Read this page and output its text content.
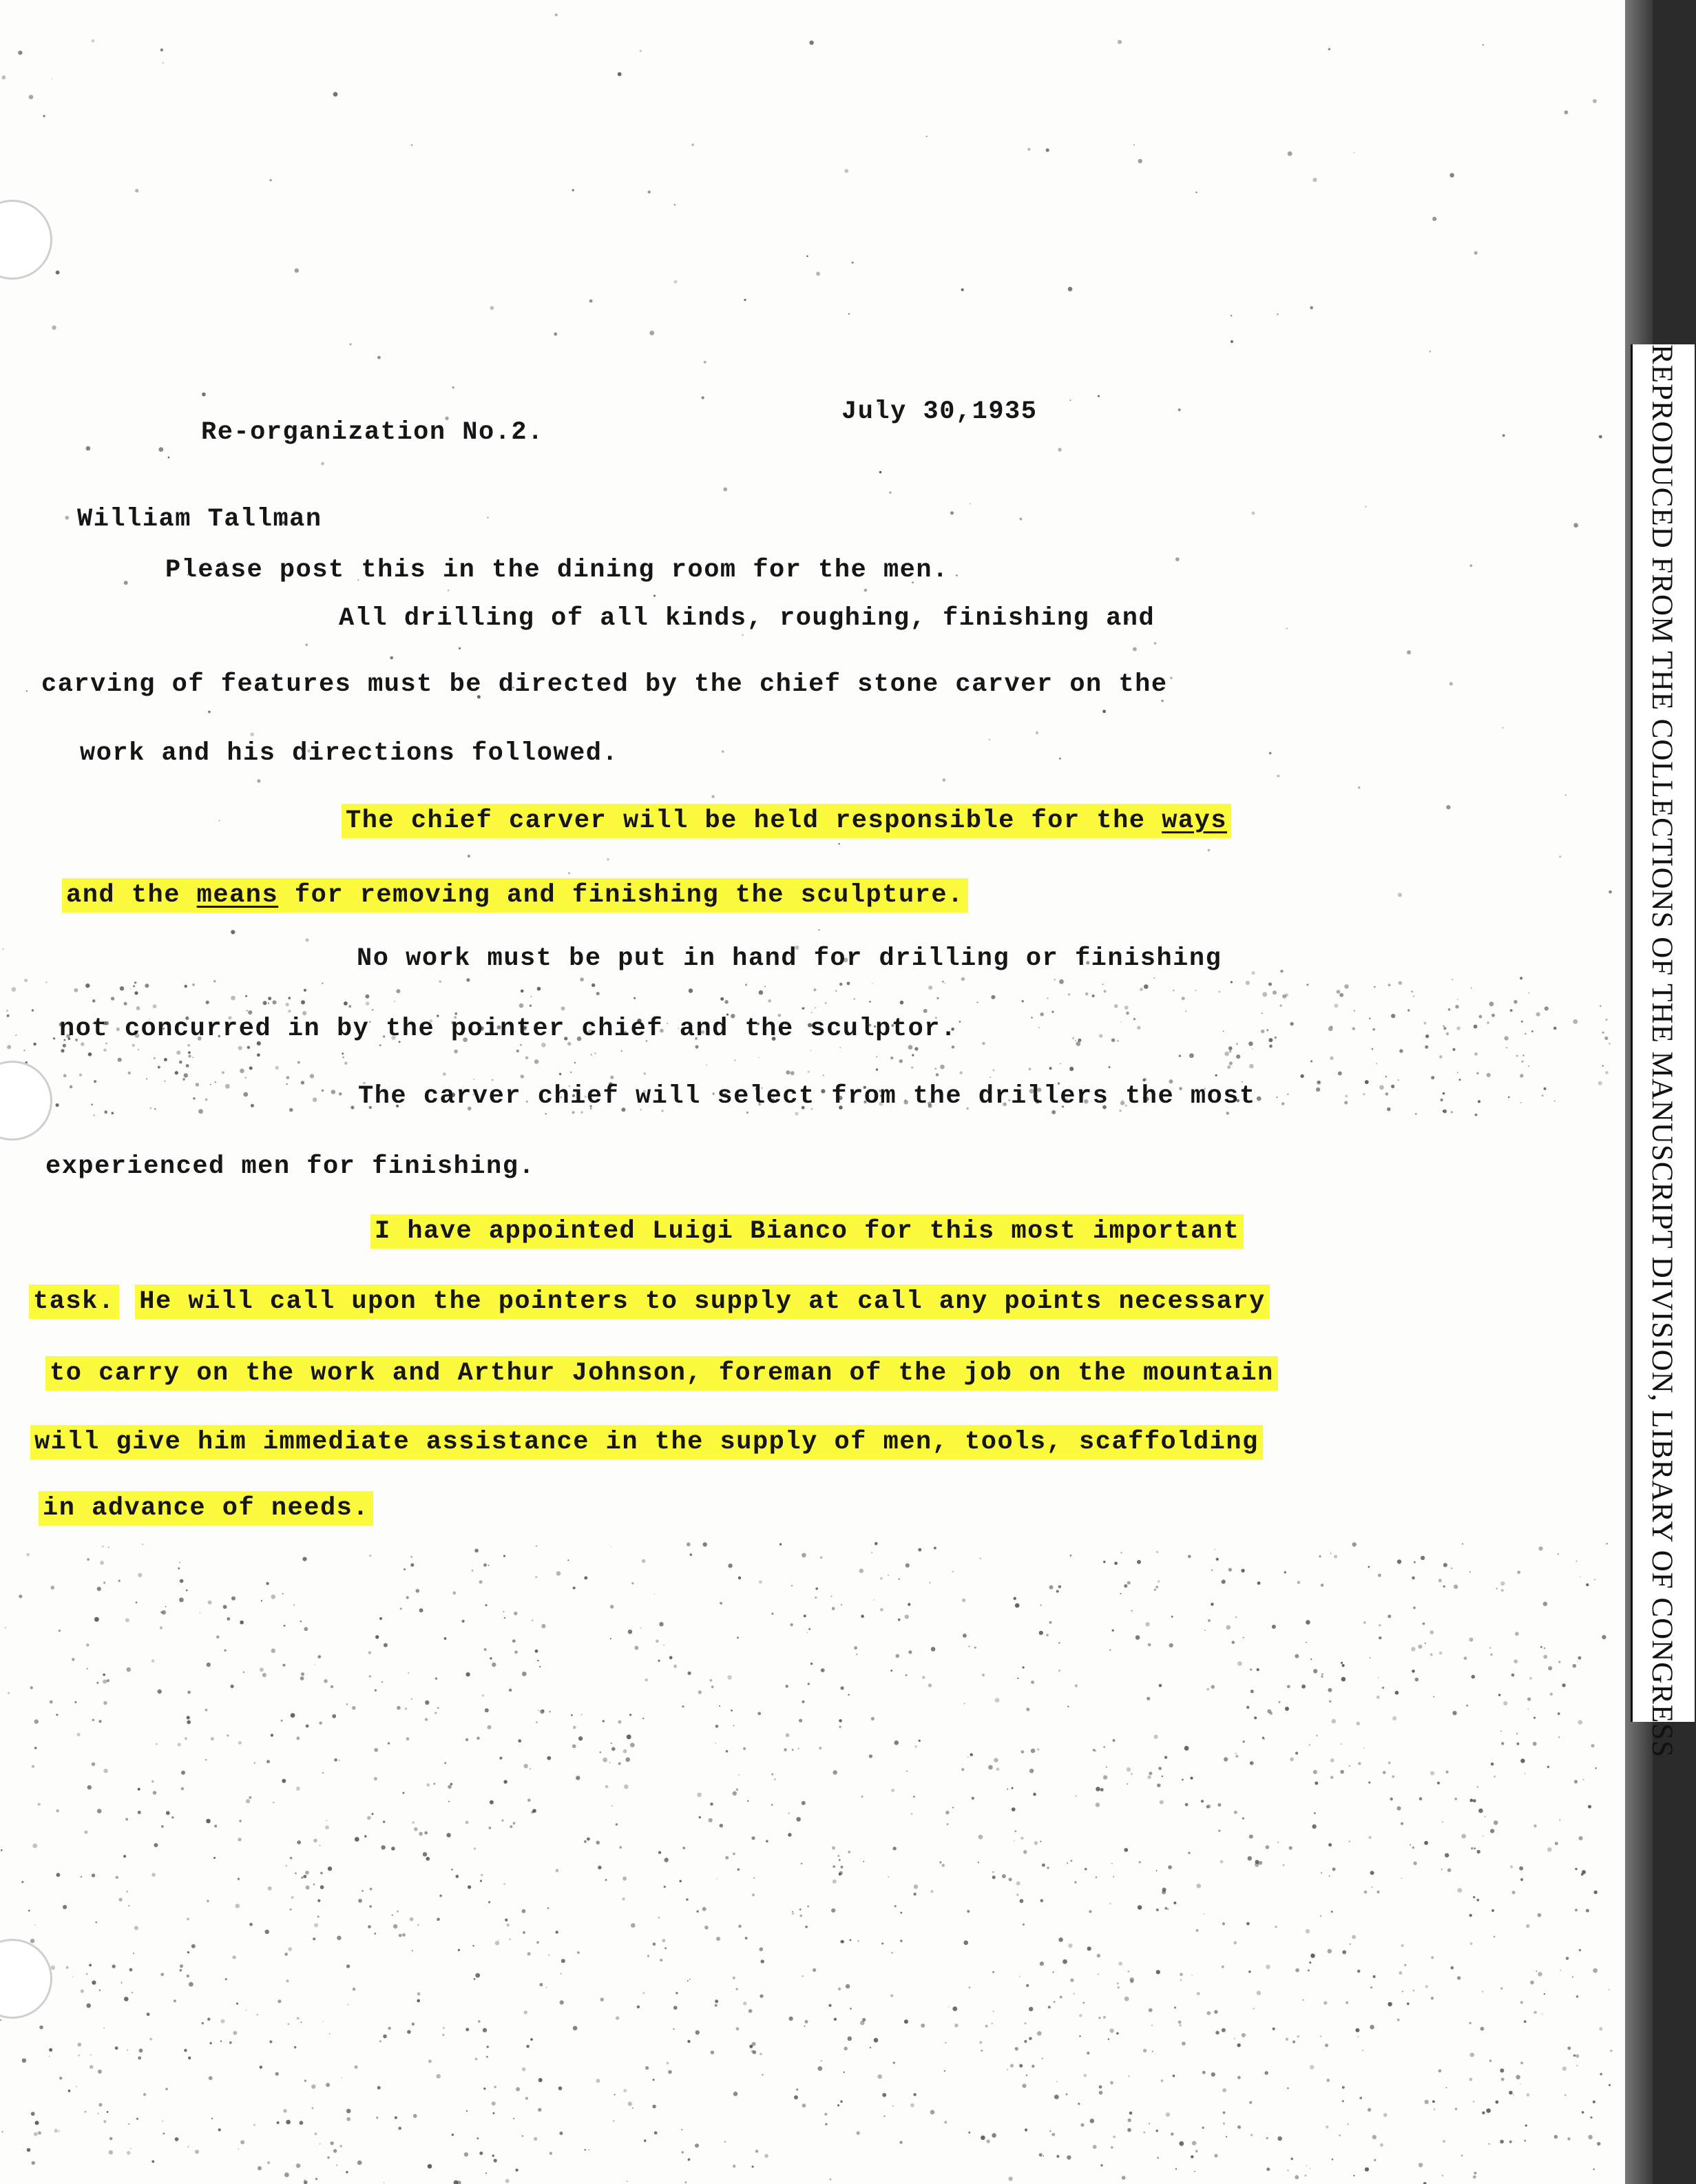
REPRODUCED FROM THE COLLECTIONS OF THE MANUSCRIPT DIVISION, LIBRARY OF CONGRESS
Re-organization No.2.
July 30,1935
William Tallman
Please post this in the dining room for the men.
All drilling of all kinds, roughing, finishing and
carving of features must be directed by the chief stone carver on the
work and his directions followed.
The chief carver will be held responsible for the ways
and the means for removing and finishing the sculpture.
No work must be put in hand for drilling or finishing
not concurred in by the pointer chief and the sculptor.
The carver chief will select from the drillers the most
experienced men for finishing.
I have appointed Luigi Bianco for this most important
task. He will call upon the pointers to supply at call any points necessary
to carry on the work and Arthur Johnson, foreman of the job on the mountain
will give him immediate assistance in the supply of men, tools, scaffolding
in advance of needs.
